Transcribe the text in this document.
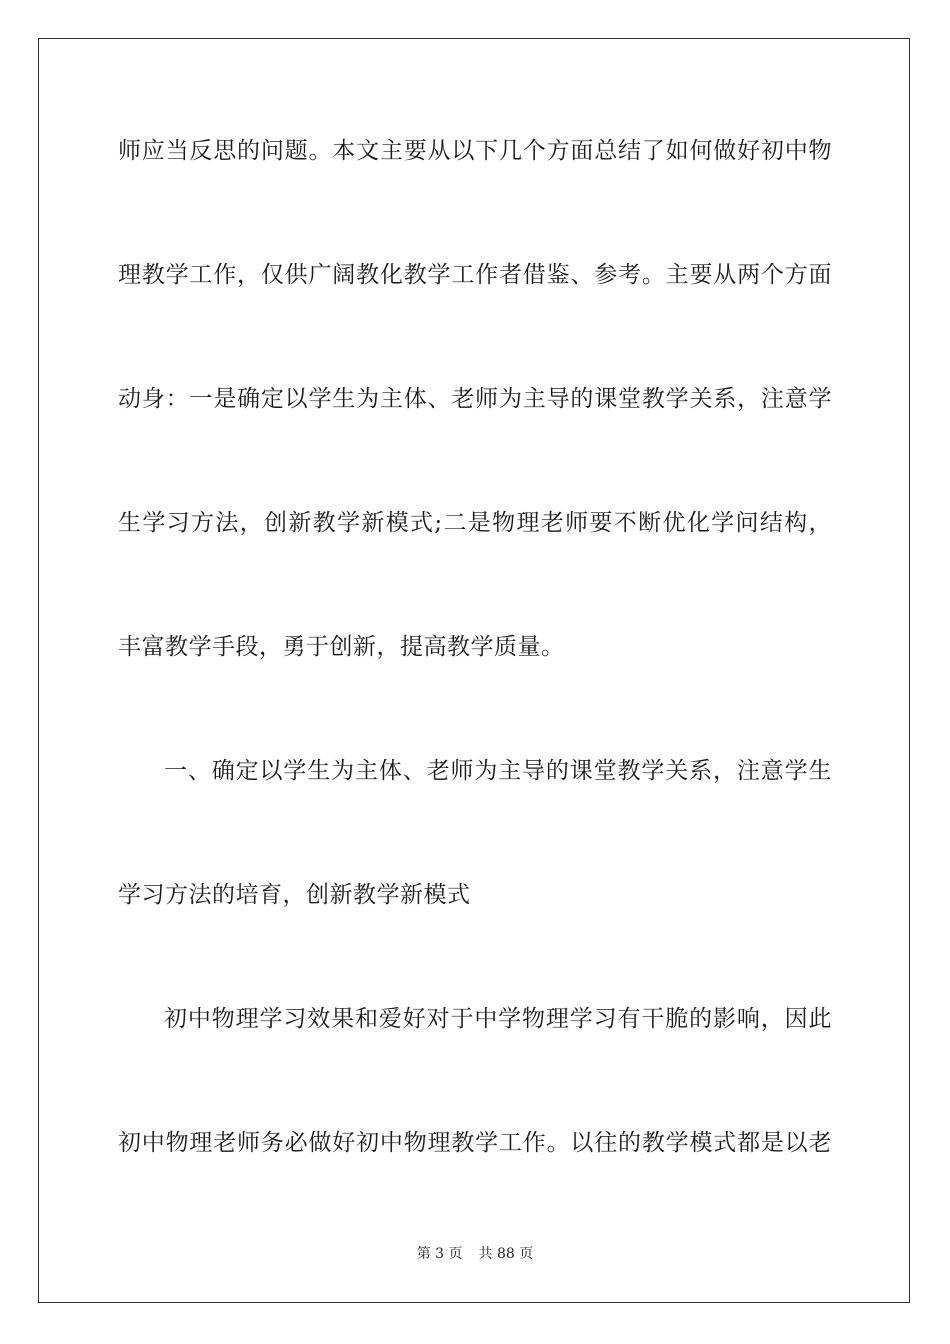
师应当反思的问题。本文主要从以下几个方面总结了如何做好初中物
理教学工作，仅供广阔教化教学工作者借鉴、参考。主要从两个方面
动身：一是确定以学生为主体、老师为主导的课堂教学关系，注意学
生学习方法，创新教学新模式;二是物理老师要不断优化学问结构，
丰富教学手段，勇于创新，提高教学质量。
一、确定以学生为主体、老师为主导的课堂教学关系，注意学生
学习方法的培育，创新教学新模式
初中物理学习效果和爱好对于中学物理学习有干脆的影响，因此
初中物理老师务必做好初中物理教学工作。以往的教学模式都是以老
第 3 页 共 88 页
